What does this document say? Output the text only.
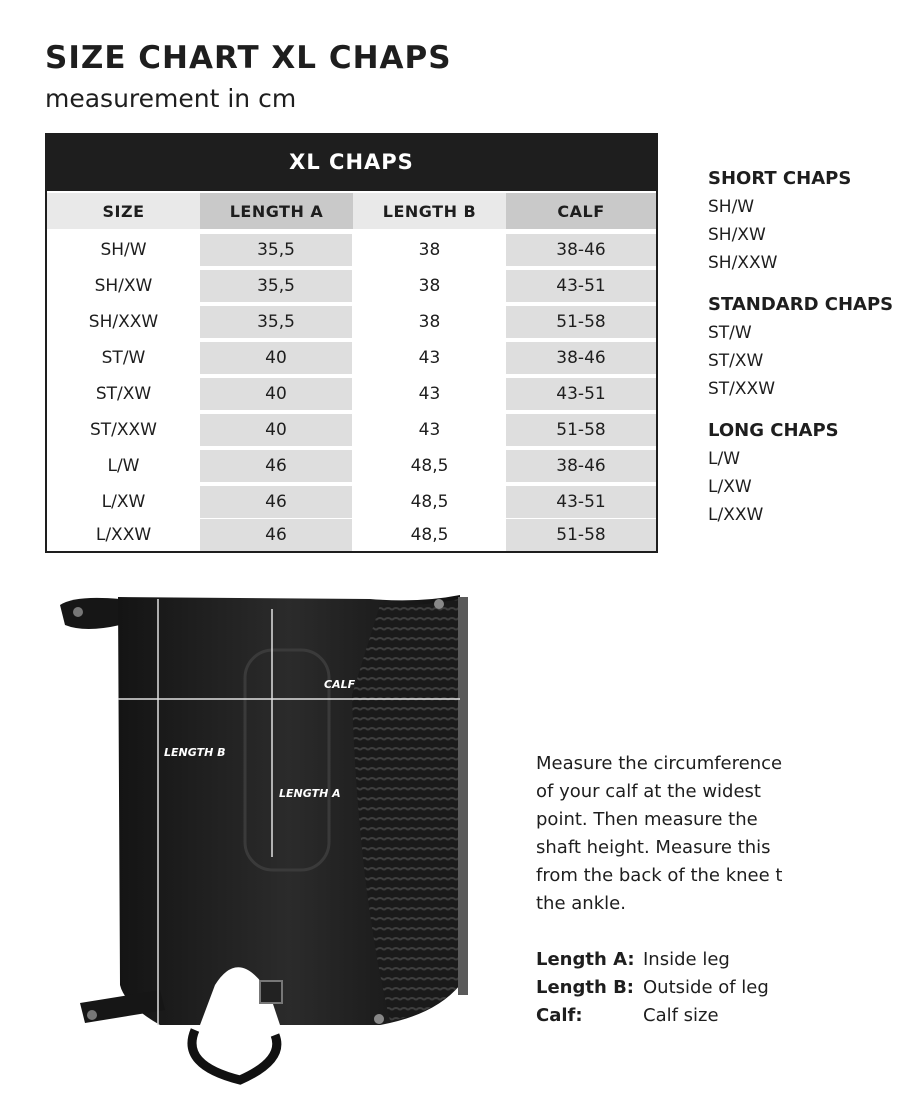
SIZE CHART XL CHAPS
measurement in cm
XL CHAPS
SIZE	LENGTH A	LENGTH B	CALF
SH/W	35,5	38	38-46
SH/XW	35,5	38	43-51
SH/XXW	35,5	38	51-58
ST/W	40	43	38-46
ST/XW	40	43	43-51
ST/XXW	40	43	51-58
L/W	46	48,5	38-46
L/XW	46	48,5	43-51
L/XXW	46	48,5	51-58
SHORT CHAPS
SH/W
SH/XW
SH/XXW
STANDARD CHAPS
ST/W
ST/XW
ST/XXW
LONG CHAPS
L/W
L/XW
L/XXW
CALF
LENGTH B
LENGTH A
Measure the circumference
of your calf at the widest
point. Then measure the
shaft height. Measure this
from the back of the knee t
the ankle.
Length A: Inside leg
Length B: Outside of leg
Calf:	Calf size
